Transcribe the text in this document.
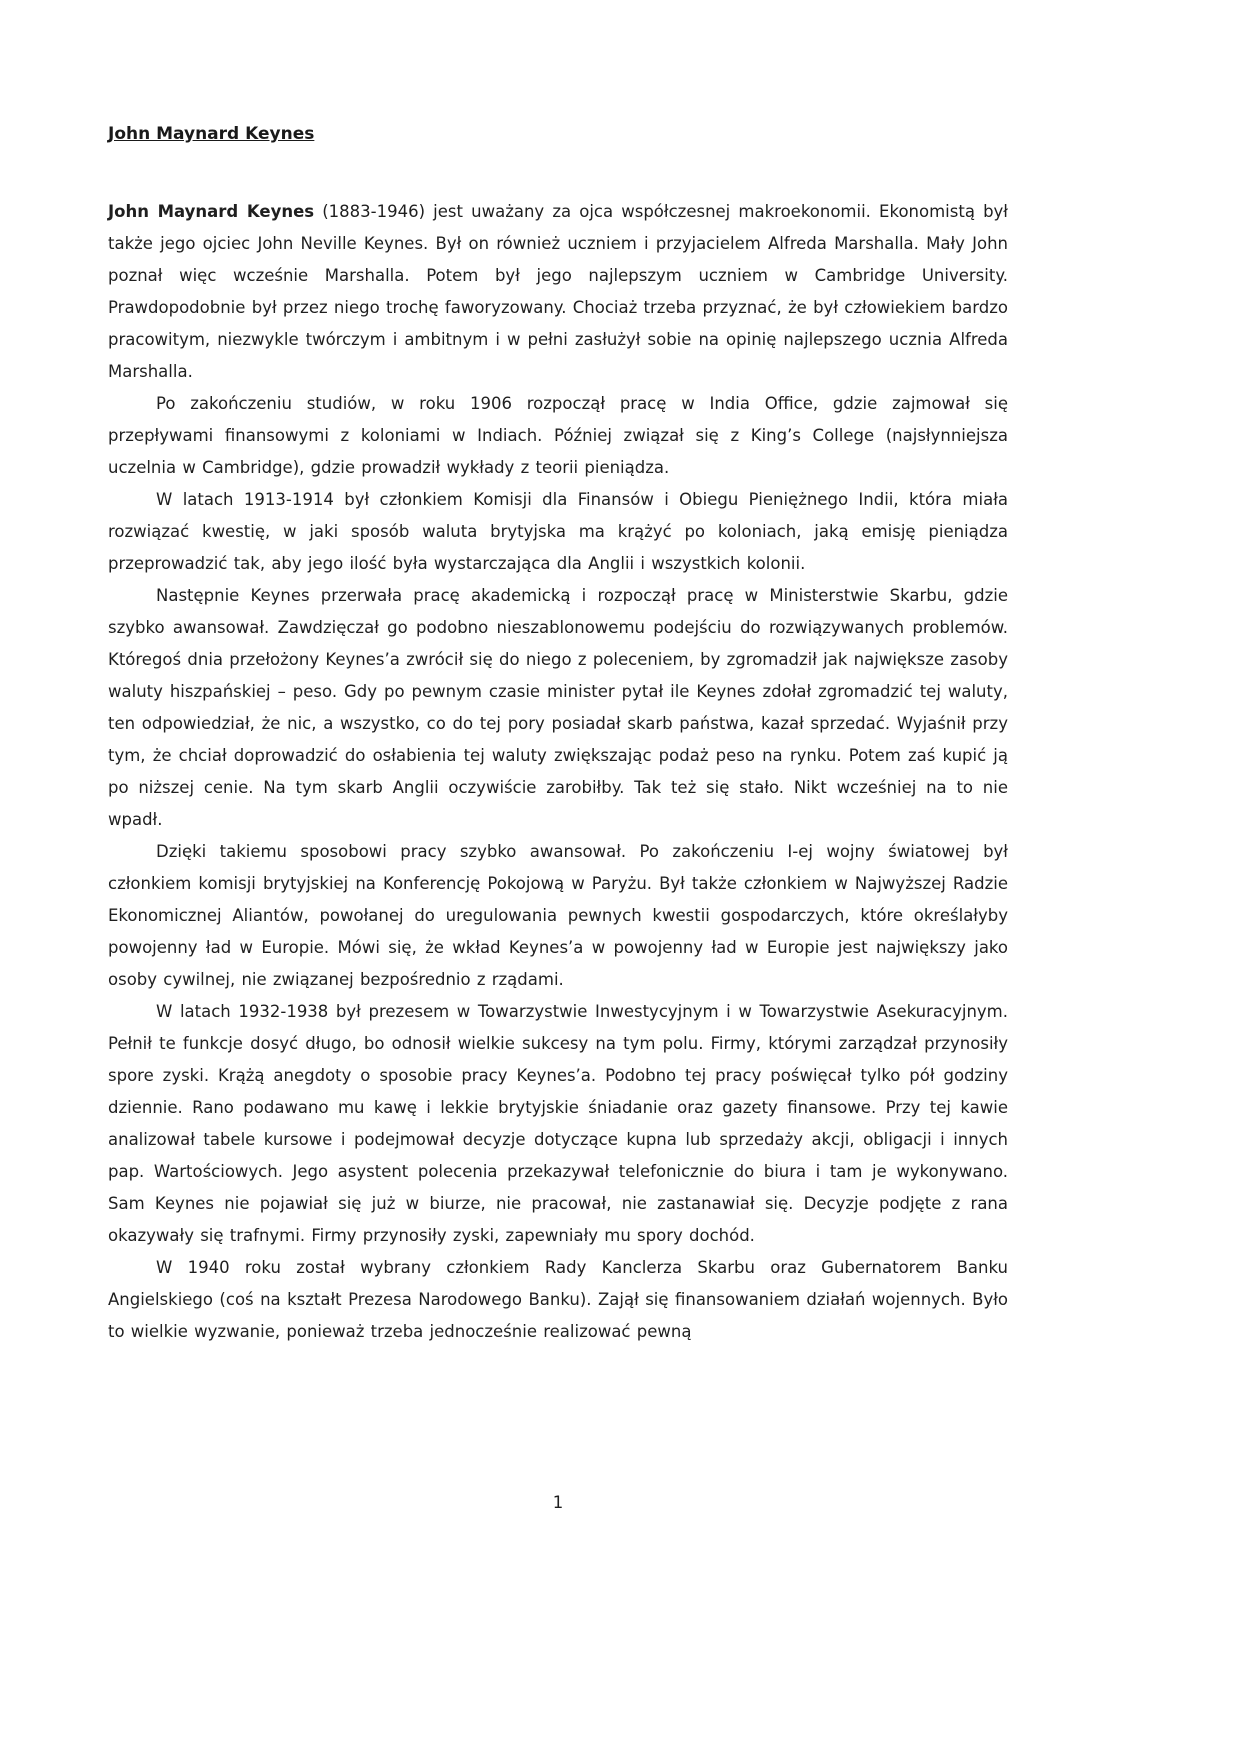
John Maynard Keynes

John Maynard Keynes (1883-1946) jest uważany za ojca współczesnej makroekonomii. Ekonomistą był także jego ojciec John Neville Keynes. Był on również uczniem i przyjacielem Alfreda Marshalla. Mały John poznał więc wcześnie Marshalla. Potem był jego najlepszym uczniem w Cambridge University. Prawdopodobnie był przez niego trochę faworyzowany. Chociaż trzeba przyznać, że był człowiekiem bardzo pracowitym, niezwykle twórczym i ambitnym i w pełni zasłużył sobie na opinię najlepszego ucznia Alfreda Marshalla.

Po zakończeniu studiów, w roku 1906 rozpoczął pracę w India Office, gdzie zajmował się przepływami finansowymi z koloniami w Indiach. Później związał się z King’s College (najsłynniejsza uczelnia w Cambridge), gdzie prowadził wykłady z teorii pieniądza.

W latach 1913-1914 był członkiem Komisji dla Finansów i Obiegu Pieniężnego Indii, która miała rozwiązać kwestię, w jaki sposób waluta brytyjska ma krążyć po koloniach, jaką emisję pieniądza przeprowadzić tak, aby jego ilość była wystarczająca dla Anglii i wszystkich kolonii.

Następnie Keynes przerwała pracę akademicką i rozpoczął pracę w Ministerstwie Skarbu, gdzie szybko awansował. Zawdzięczał go podobno nieszablonowemu podejściu do rozwiązywanych problemów. Któregoś dnia przełożony Keynes’a zwrócił się do niego z poleceniem, by zgromadził jak największe zasoby waluty hiszpańskiej – peso. Gdy po pewnym czasie minister pytał ile Keynes zdołał zgromadzić tej waluty, ten odpowiedział, że nic, a wszystko, co do tej pory posiadał skarb państwa, kazał sprzedać. Wyjaśnił przy tym, że chciał doprowadzić do osłabienia tej waluty zwiększając podaż peso na rynku. Potem zaś kupić ją po niższej cenie. Na tym skarb Anglii oczywiście zarobiłby. Tak też się stało. Nikt wcześniej na to nie wpadł.

Dzięki takiemu sposobowi pracy szybko awansował. Po zakończeniu I-ej wojny światowej był członkiem komisji brytyjskiej na Konferencję Pokojową w Paryżu. Był także członkiem w Najwyższej Radzie Ekonomicznej Aliantów, powołanej do uregulowania pewnych kwestii gospodarczych, które określałyby powojenny ład w Europie. Mówi się, że wkład Keynes’a w powojenny ład w Europie jest największy jako osoby cywilnej, nie związanej bezpośrednio z rządami.

W latach 1932-1938 był prezesem w Towarzystwie Inwestycyjnym i w Towarzystwie Asekuracyjnym. Pełnił te funkcje dosyć długo, bo odnosił wielkie sukcesy na tym polu. Firmy, którymi zarządzał przynosiły spore zyski. Krążą anegdoty o sposobie pracy Keynes’a. Podobno tej pracy poświęcał tylko pół godziny dziennie. Rano podawano mu kawę i lekkie brytyjskie śniadanie oraz gazety finansowe. Przy tej kawie analizował tabele kursowe i podejmował decyzje dotyczące kupna lub sprzedaży akcji, obligacji i innych pap. Wartościowych. Jego asystent polecenia przekazywał telefonicznie do biura i tam je wykonywano. Sam Keynes nie pojawiał się już w biurze, nie pracował, nie zastanawiał się. Decyzje podjęte z rana okazywały się trafnymi. Firmy przynosiły zyski, zapewniały mu spory dochód.

W 1940 roku został wybrany członkiem Rady Kanclerza Skarbu oraz Gubernatorem Banku Angielskiego (coś na kształt Prezesa Narodowego Banku). Zajął się finansowaniem działań wojennych. Było to wielkie wyzwanie, ponieważ trzeba jednocześnie realizować pewną

1
